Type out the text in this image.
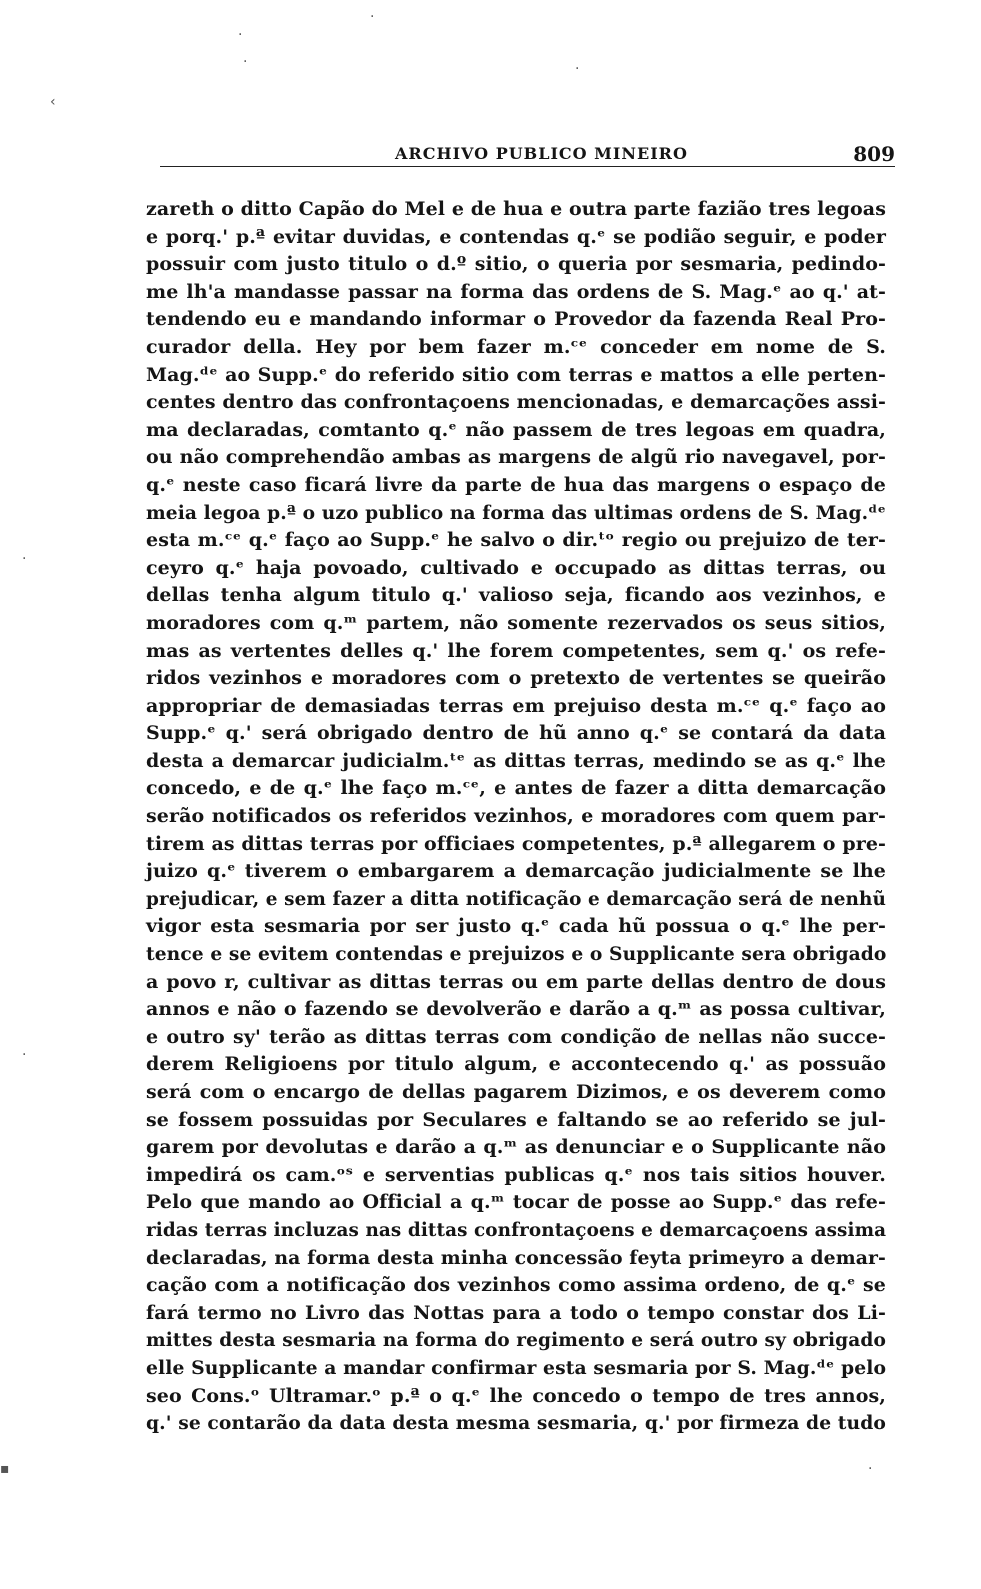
·
·
·	·
‹
·
·
▪	·
ARCHIVO PUBLICO MINEIRO	809
zareth o ditto Capão do Mel e de hua e outra parte fazião tres legoas
e porq.' p.ª evitar duvidas, e contendas q.ᵉ se podião seguir, e poder
possuir com justo titulo o d.º sitio, o queria por sesmaria, pedindo-
me lh'a mandasse passar na forma das ordens de S. Mag.ᵉ ao q.' at-
tendendo eu e mandando informar o Provedor da fazenda Real Pro-
curador della. Hey por bem fazer m.ᶜᵉ conceder em nome de S.
Mag.ᵈᵉ ao Supp.ᵉ do referido sitio com terras e mattos a elle perten-
centes dentro das confrontaçoens mencionadas, e demarcações assi-
ma declaradas, comtanto q.ᵉ não passem de tres legoas em quadra,
ou não comprehendão ambas as margens de algũ rio navegavel, por-
q.ᵉ neste caso ficará livre da parte de hua das margens o espaço de
meia legoa p.ª o uzo publico na forma das ultimas ordens de S. Mag.ᵈᵉ
esta m.ᶜᵉ q.ᵉ faço ao Supp.ᵉ he salvo o dir.ᵗᵒ regio ou prejuizo de ter-
ceyro q.ᵉ haja povoado, cultivado e occupado as dittas terras, ou
dellas tenha algum titulo q.' valioso seja, ficando aos vezinhos, e
moradores com q.ᵐ partem, não somente rezervados os seus sitios,
mas as vertentes delles q.' lhe forem competentes, sem q.' os refe-
ridos vezinhos e moradores com o pretexto de vertentes se queirão
appropriar de demasiadas terras em prejuiso desta m.ᶜᵉ q.ᵉ faço ao
Supp.ᵉ q.' será obrigado dentro de hũ anno q.ᵉ se contará da data
desta a demarcar judicialm.ᵗᵉ as dittas terras, medindo se as q.ᵉ lhe
concedo, e de q.ᵉ lhe faço m.ᶜᵉ, e antes de fazer a ditta demarcação
serão notificados os referidos vezinhos, e moradores com quem par-
tirem as dittas terras por officiaes competentes, p.ª allegarem o pre-
juizo q.ᵉ tiverem o embargarem a demarcação judicialmente se lhe
prejudicar, e sem fazer a ditta notificação e demarcação será de nenhũ
vigor esta sesmaria por ser justo q.ᵉ cada hũ possua o q.ᵉ lhe per-
tence e se evitem contendas e prejuizos e o Supplicante sera obrigado
a povo r, cultivar as dittas terras ou em parte dellas dentro de dous
annos e não o fazendo se devolverão e darão a q.ᵐ as possa cultivar,
e outro sy' terão as dittas terras com condição de nellas não succe-
derem Religioens por titulo algum, e accontecendo q.' as possuão
será com o encargo de dellas pagarem Dizimos, e os deverem como
se fossem possuidas por Seculares e faltando se ao referido se jul-
garem por devolutas e darão a q.ᵐ as denunciar e o Supplicante não
impedirá os cam.ᵒˢ e serventias publicas q.ᵉ nos tais sitios houver.
Pelo que mando ao Official a q.ᵐ tocar de posse ao Supp.ᵉ das refe-
ridas terras incluzas nas dittas confrontaçoens e demarcaçoens assima
declaradas, na forma desta minha concessão feyta primeyro a demar-
cação com a notificação dos vezinhos como assima ordeno, de q.ᵉ se
fará termo no Livro das Nottas para a todo o tempo constar dos Li-
mittes desta sesmaria na forma do regimento e será outro sy obrigado
elle Supplicante a mandar confirmar esta sesmaria por S. Mag.ᵈᵉ pelo
seo Cons.ᵒ Ultramar.ᵒ p.ª o q.ᵉ lhe concedo o tempo de tres annos,
q.' se contarão da data desta mesma sesmaria, q.' por firmeza de tudo
